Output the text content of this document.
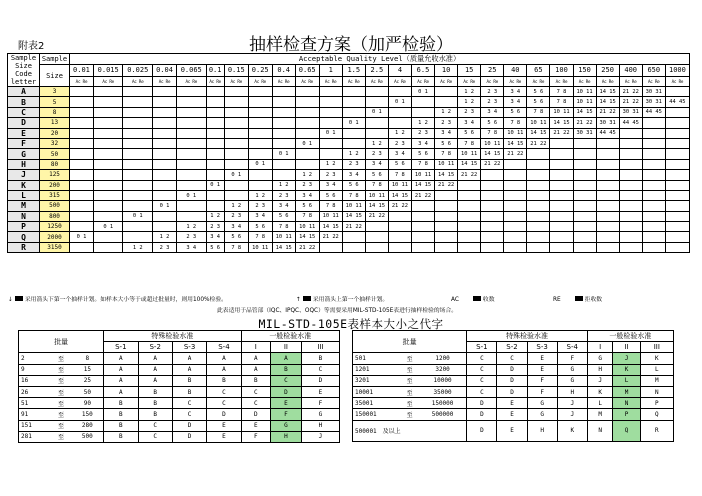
附表2	抽样检查方案（加严检验）
Sample
Size
Code
letter	Sample	Acceptable Quality Level（质量允收水准）																									
	Size	0.01	0.015	0.025	0.04	0.065	0.1	0.15	0.25	0.4	0.65	1	1.5	2.5	4	6.5	10	15	25	40	65	100	150	250	400	650	1000
		Ac Re	Ac Re	Ac Re	Ac Re	Ac Re	Ac Re	Ac Re	Ac Re	Ac Re	Ac Re	Ac Re	Ac Re	Ac Re	Ac Re	Ac Re	Ac Re	Ac Re	Ac Re	Ac Re	Ac Re	Ac Re	Ac Re	Ac Re	Ac Re	Ac Re	Ac Re
A	3															0 1		1 2	2 3	3 4	5 6	7 8	10 11	14 15	21 22	30 31	
B	5														0 1			1 2	2 3	3 4	5 6	7 8	10 11	14 15	21 22	30 31	44 45
C	8													0 1			1 2	2 3	3 4	5 6	7 8	10 11	14 15	21 22	30 31	44 45	
D	13												0 1			1 2	2 3	3 4	5 6	7 8	10 11	14 15	21 22	30 31	44 45		
E	20											0 1			1 2	2 3	3 4	5 6	7 8	10 11	14 15	21 22	30 31	44 45			
F	32										0 1			1 2	2 3	3 4	5 6	7 8	10 11	14 15	21 22						
G	50									0 1			1 2	2 3	3 4	5 6	7 8	10 11	14 15	21 22							
H	80								0 1			1 2	2 3	3 4	5 6	7 8	10 11	14 15	21 22								
J	125							0 1			1 2	2 3	3 4	5 6	7 8	10 11	14 15	21 22									
K	200						0 1			1 2	2 3	3 4	5 6	7 8	10 11	14 15	21 22										
L	315					0 1			1 2	2 3	3 4	5 6	7 8	10 11	14 15	21 22											
M	500				0 1			1 2	2 3	3 4	5 6	7 8	10 11	14 15	21 22												
N	800			0 1			1 2	2 3	3 4	5 6	7 8	10 11	14 15	21 22													
P	1250		0 1			1 2	2 3	3 4	5 6	7 8	10 11	14 15	21 22														
Q	2000	0 1			1 2	2 3	3 4	5 6	7 8	10 11	14 15	21 22															
R	3150			1 2	2 3	3 4	5 6	7 8	10 11	14 15	21 22																
↓ 采用箭头下第一个抽样计划。如样本大小等于或超过批量时，则用100%检验。	↑ 采用箭头上第一个抽样计划。	AC	收数	RE	拒收数
此表适用于品管部（IQC、IPQC、OQC）等需要采用MIL-STD-105E表进行抽样检验的场合。
MIL-STD-105E表样本大小之代字
批量			特殊检验水准				一般检验水准		
			S-1	S-2	S-3	S-4	I	II	III
2	至	8	A	A	A	A	A	A	B
9	至	15	A	A	A	A	A	B	C
16	至	25	A	A	B	B	B	C	D
26	至	50	A	B	B	C	C	D	E
51	至	90	B	B	C	C	C	E	F
91	至	150	B	B	C	D	D	F	G
151	至	280	B	C	D	E	E	G	H
281	至	500	B	C	D	E	F	H	J
批量			特殊检验水准				一般检验水准		
			S-1	S-2	S-3	S-4	I	II	III
501	至	1200	C	C	E	F	G	J	K
1201	至	3200	C	D	E	G	H	K	L
3201	至	10000	C	D	F	G	J	L	M
10001	至	35000	C	D	F	H	K	M	N
35001	至	150000	D	E	G	J	L	N	P
150001	至	500000	D	E	G	J	M	P	Q
500001　及以上			D	E	H	K	N	Q	R
